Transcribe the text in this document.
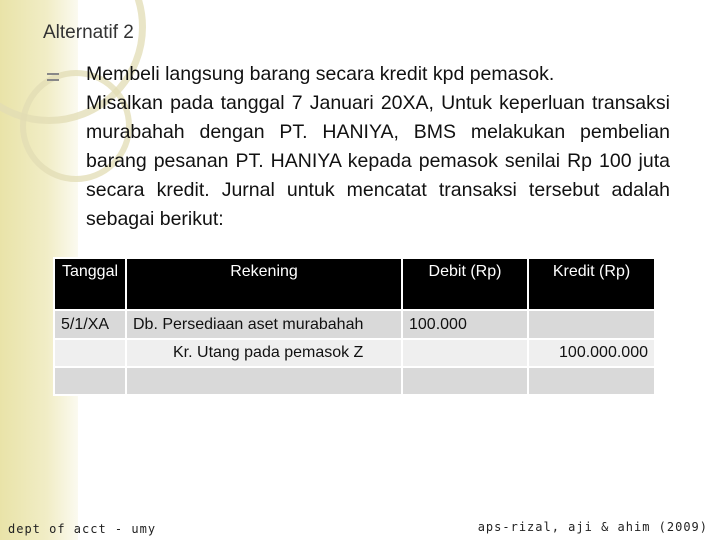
Alternatif 2

Membeli langsung barang secara kredit kpd pemasok.

Misalkan pada tanggal 7 Januari 20XA, Untuk keperluan transaksi murabahah dengan PT. HANIYA, BMS melakukan pembelian barang pesanan PT. HANIYA kepada pemasok senilai Rp 100 juta secara kredit. Jurnal untuk mencatat transaksi tersebut adalah sebagai berikut:

Tanggal	Rekening	Debit (Rp)	Kredit (Rp)
5/1/XA	Db. Persediaan aset murabahah	100.000	
	Kr. Utang pada pemasok Z		100.000.000

dept of acct - umy	aps-rizal, aji & ahim (2009)
